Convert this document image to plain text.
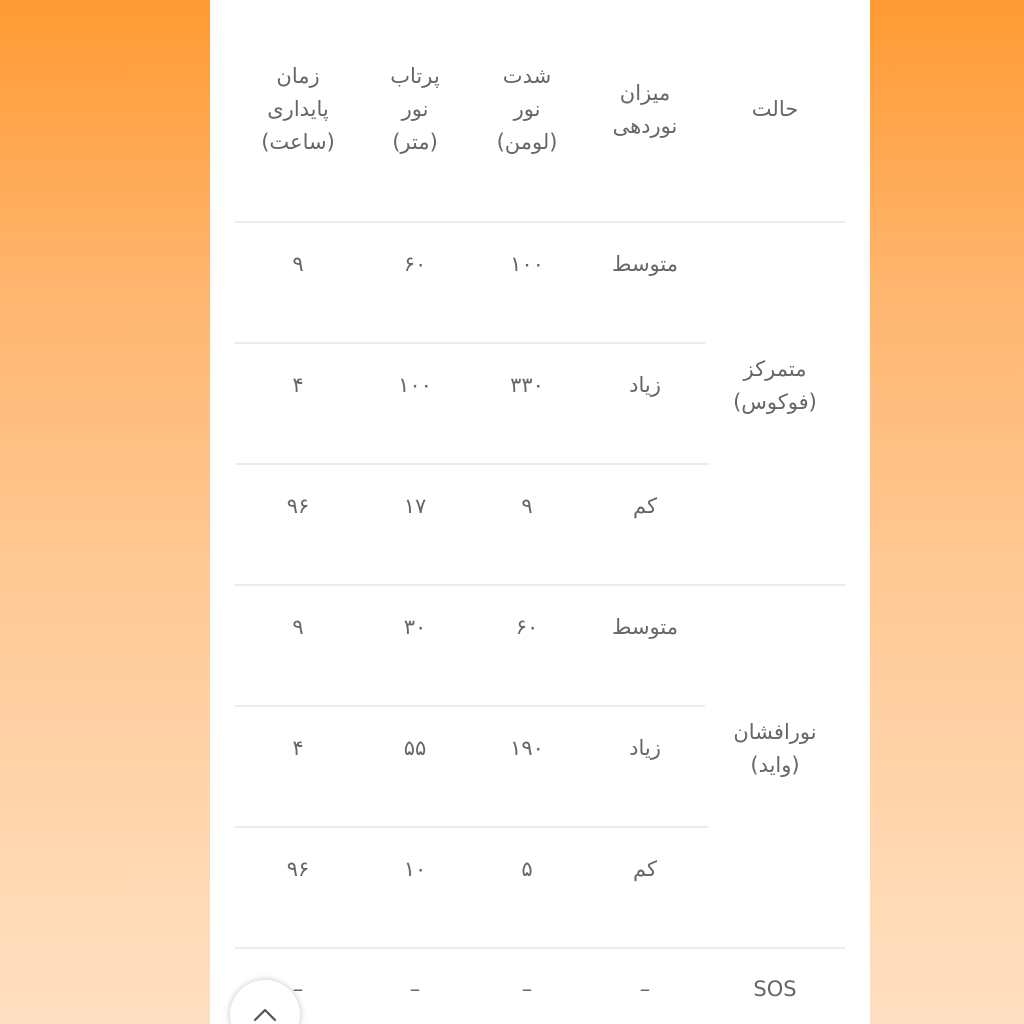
حالت
میزان
نوردهی
شدت
نور
(لومن)
پرتاب
نور
(متر)
زمان
پایداری
(ساعت)
متمرکز
(فوکوس)
متوسط
۱۰۰
۶۰
۹
زیاد
۳۳۰
۱۰۰
۴
کم
۹
۱۷
۹۶
نورافشان
(واید)
متوسط
۶۰
۳۰
۹
زیاد
۱۹۰
۵۵
۴
کم
۵
۱۰
۹۶
SOS
–
–
–
–
